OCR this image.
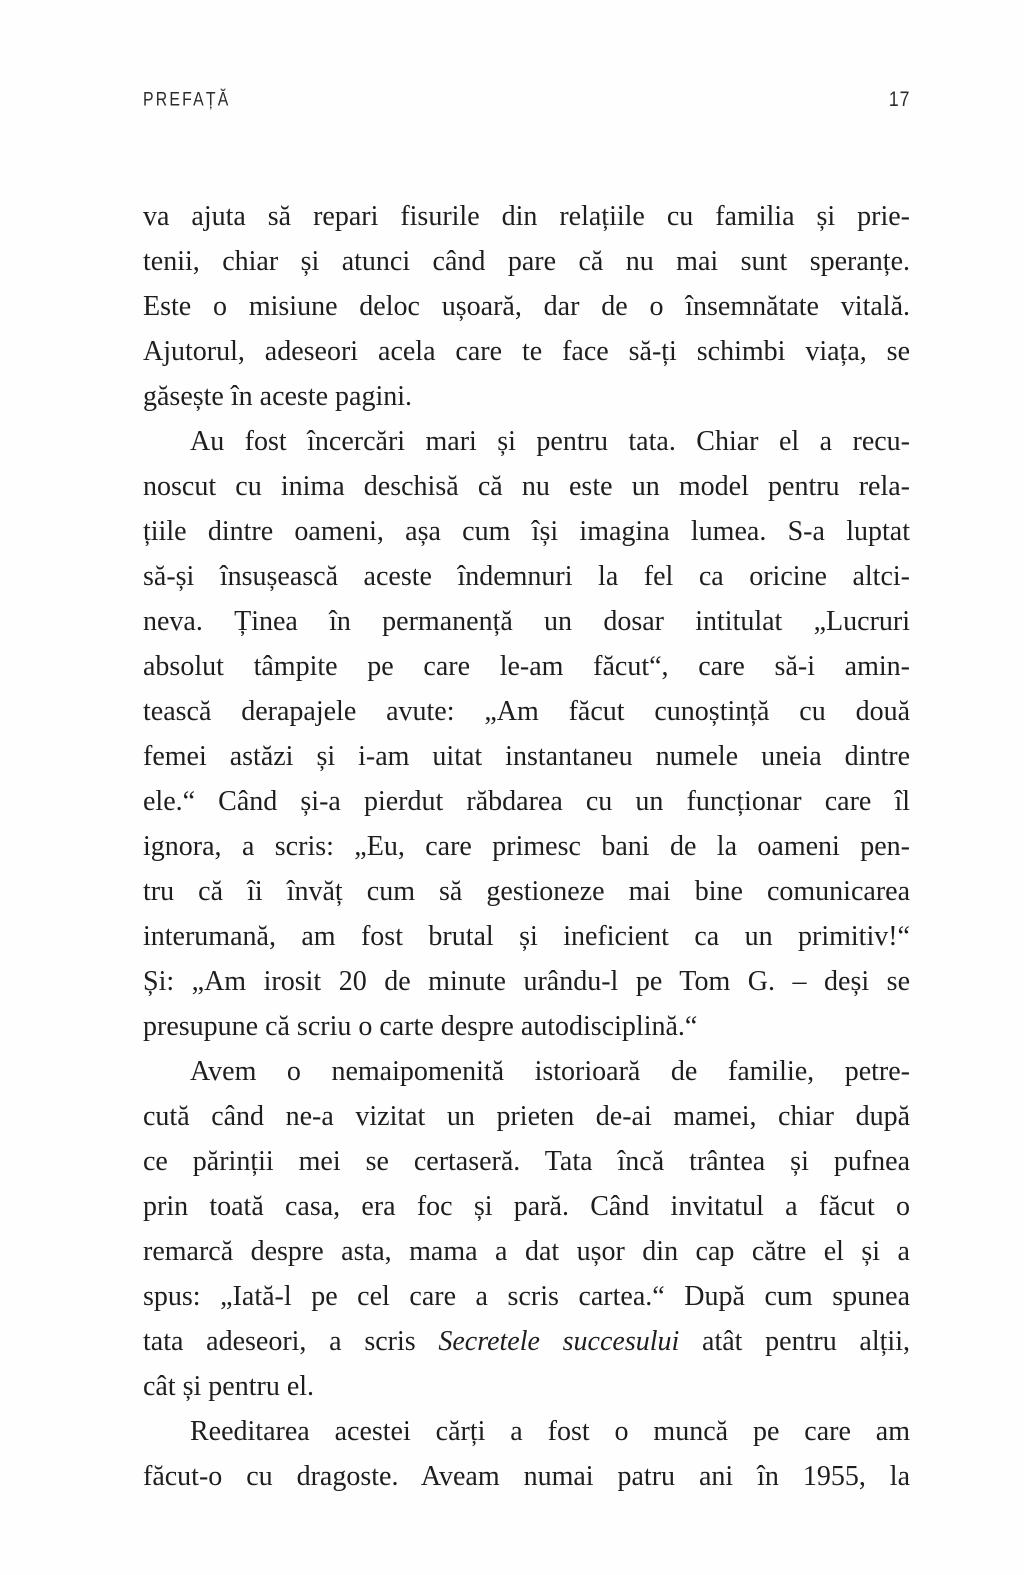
PREFAȚĂ	17
va ajuta să repari fisurile din relațiile cu familia și prie-
tenii, chiar și atunci când pare că nu mai sunt speranțe.
Este o misiune deloc ușoară, dar de o însemnătate vitală.
Ajutorul, adeseori acela care te face să-ți schimbi viața, se
găsește în aceste pagini.
Au fost încercări mari și pentru tata. Chiar el a recu-
noscut cu inima deschisă că nu este un model pentru rela-
țiile dintre oameni, așa cum își imagina lumea. S-a luptat
să-și însușească aceste îndemnuri la fel ca oricine altci-
neva. Ținea în permanență un dosar intitulat „Lucruri
absolut tâmpite pe care le-am făcut“, care să-i amin-
tească derapajele avute: „Am făcut cunoștință cu două
femei astăzi și i-am uitat instantaneu numele uneia dintre
ele.“ Când și-a pierdut răbdarea cu un funcționar care îl
ignora, a scris: „Eu, care primesc bani de la oameni pen-
tru că îi învăț cum să gestioneze mai bine comunicarea
interumană, am fost brutal și ineficient ca un primitiv!“
Și: „Am irosit 20 de minute urându-l pe Tom G. – deși se
presupune că scriu o carte despre autodisciplină.“
Avem o nemaipomenită istorioară de familie, petre-
cută când ne-a vizitat un prieten de-ai mamei, chiar după
ce părinții mei se certaseră. Tata încă trântea și pufnea
prin toată casa, era foc și pară. Când invitatul a făcut o
remarcă despre asta, mama a dat ușor din cap către el și a
spus: „Iată-l pe cel care a scris cartea.“ După cum spunea
tata adeseori, a scris Secretele succesului atât pentru alții,
cât și pentru el.
Reeditarea acestei cărți a fost o muncă pe care am
făcut-o cu dragoste. Aveam numai patru ani în 1955, la
